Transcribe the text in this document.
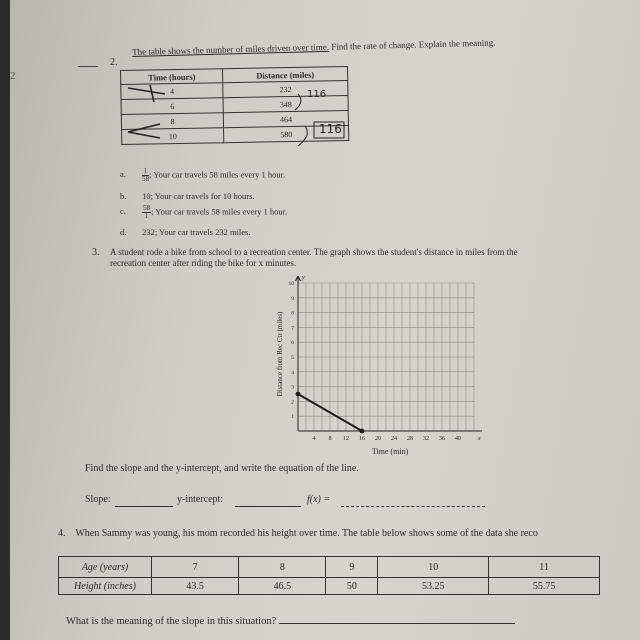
2
2.
The table shows the number of miles driven over time. Find the rate of change. Explain the meaning.
Time (hours)	Distance (miles)
4	232
6	348
8	464
10	580
116
116
a. $\frac{1}{58}$; Your car travels 58 miles every 1 hour.
b. 10; Your car travels for 10 hours.
c. $\frac{58}{1}$; Your car travels 58 miles every 1 hour.
d. 232; Your car travels 232 miles.
3. A student rode a bike from school to a recreation center. The graph shows the student's distance in miles from the
recreation center after riding the bike for x minutes.
y
x
4 8 12 16 20 24 28 32 36 40
1
2
3
4
5
6
7
8
9
10
Time (min)
Distance from Rec Ctr (miles)
Find the slope and the y-intercept, and write the equation of the line.
Slope:	y-intercept:	f(x) =
4. When Sammy was young, his mom recorded his height over time. The table below shows some of the data she reco
Age (years)	7	8	9	10	11
Height (inches)	43.5	46.5	50	53.25	55.75
What is the meaning of the slope in this situation?
